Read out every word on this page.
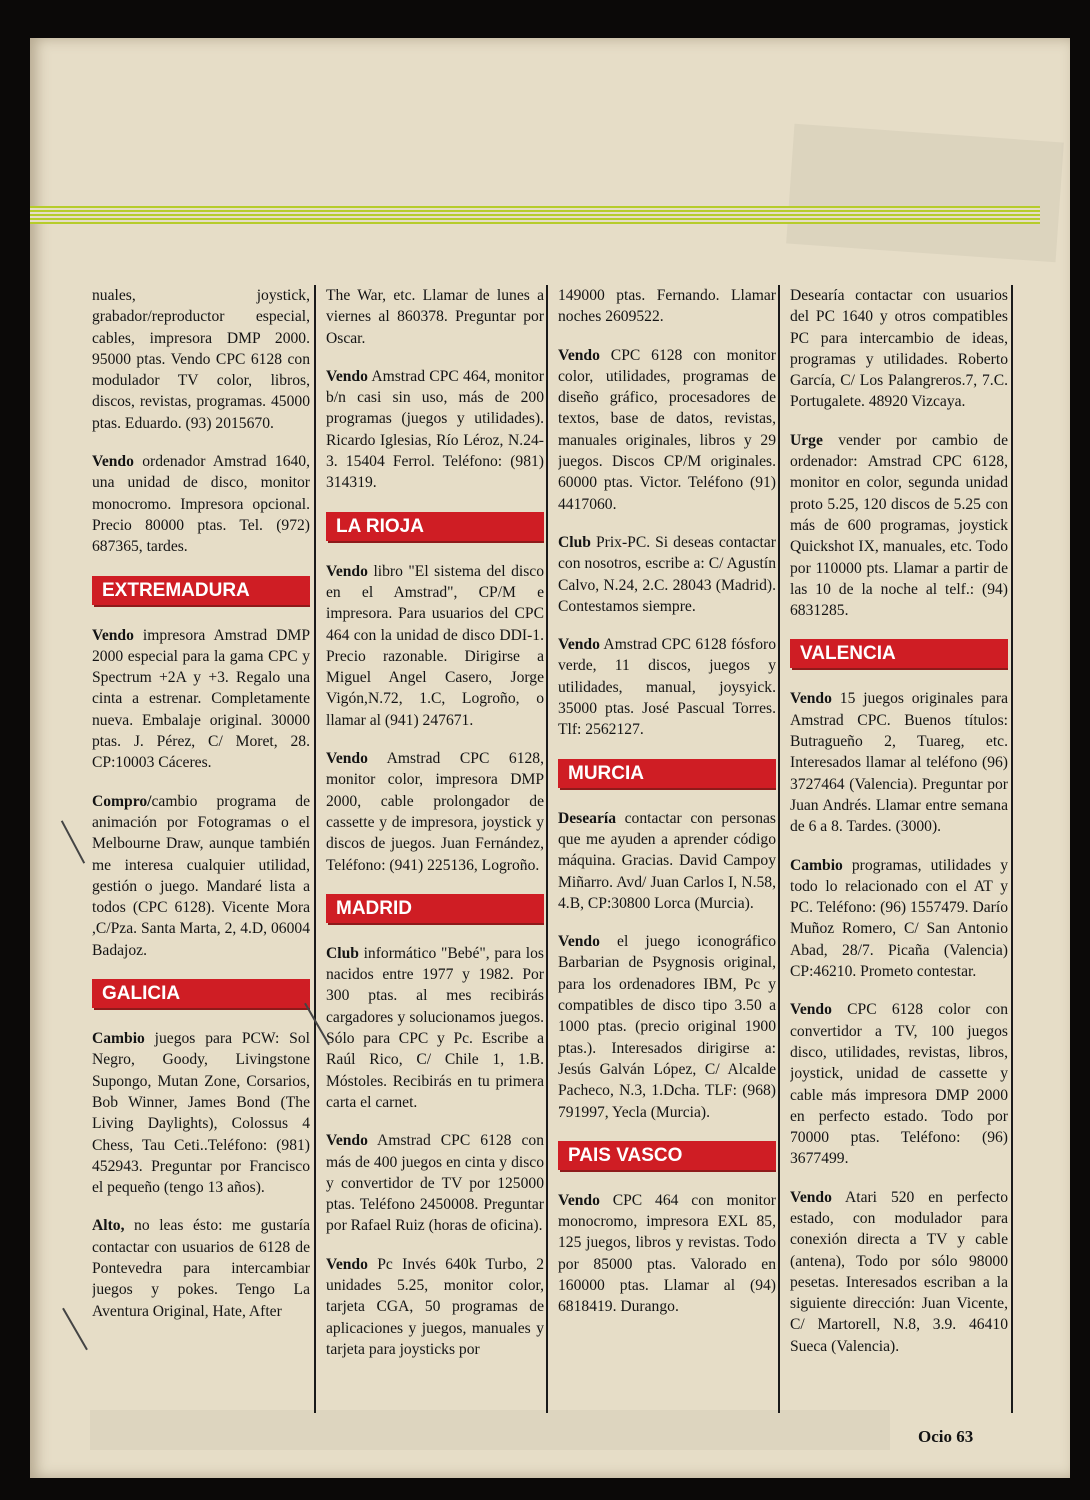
nuales, joystick, grabador/reproductor especial, cables, impresora DMP 2000. 95000 ptas. Vendo CPC 6128 con modulador TV color, libros, discos, revistas, programas. 45000 ptas. Eduardo. (93) 2015670.

Vendo ordenador Amstrad 1640, una unidad de disco, monitor monocromo. Impresora opcional. Precio 80000 ptas. Tel. (972) 687365, tardes.

EXTREMADURA

Vendo impresora Amstrad DMP 2000 especial para la gama CPC y Spectrum +2A y +3. Regalo una cinta a estrenar. Completamente nueva. Embalaje original. 30000 ptas. J. Pérez, C/ Moret, 28. CP:10003 Cáceres.

Compro/cambio programa de animación por Fotogramas o el Melbourne Draw, aunque también me interesa cualquier utilidad, gestión o juego. Mandaré lista a todos (CPC 6128). Vicente Mora ,C/Pza. Santa Marta, 2, 4.D, 06004 Badajoz.

GALICIA

Cambio juegos para PCW: Sol Negro, Goody, Livingstone Supongo, Mutan Zone, Corsarios, Bob Winner, James Bond (The Living Daylights), Colossus 4 Chess, Tau Ceti..Teléfono: (981) 452943. Preguntar por Francisco el pequeño (tengo 13 años).

Alto, no leas ésto: me gustaría contactar con usuarios de 6128 de Pontevedra para intercambiar juegos y pokes. Tengo La Aventura Original, Hate, After

The War, etc. Llamar de lunes a viernes al 860378. Preguntar por Oscar.

Vendo Amstrad CPC 464, monitor b/n casi sin uso, más de 200 programas (juegos y utilidades). Ricardo Iglesias, Río Léroz, N.24-3. 15404 Ferrol. Teléfono: (981) 314319.

LA RIOJA

Vendo libro "El sistema del disco en el Amstrad", CP/M e impresora. Para usuarios del CPC 464 con la unidad de disco DDI-1. Precio razonable. Dirigirse a Miguel Angel Casero, Jorge Vigón,N.72, 1.C, Logroño, o llamar al (941) 247671.

Vendo Amstrad CPC 6128, monitor color, impresora DMP 2000, cable prolongador de cassette y de impresora, joystick y discos de juegos. Juan Fernández, Teléfono: (941) 225136, Logroño.

MADRID

Club informático "Bebé", para los nacidos entre 1977 y 1982. Por 300 ptas. al mes recibirás cargadores y solucionamos juegos. Sólo para CPC y Pc. Escribe a Raúl Rico, C/ Chile 1, 1.B. Móstoles. Recibirás en tu primera carta el carnet.

Vendo Amstrad CPC 6128 con más de 400 juegos en cinta y disco y convertidor de TV por 125000 ptas. Teléfono 2450008. Preguntar por Rafael Ruiz (horas de oficina).

Vendo Pc Invés 640k Turbo, 2 unidades 5.25, monitor color, tarjeta CGA, 50 programas de aplicaciones y juegos, manuales y tarjeta para joysticks por

149000 ptas. Fernando. Llamar noches 2609522.

Vendo CPC 6128 con monitor color, utilidades, programas de diseño gráfico, procesadores de textos, base de datos, revistas, manuales originales, libros y 29 juegos. Discos CP/M originales. 60000 ptas. Victor. Teléfono (91) 4417060.

Club Prix-PC. Si deseas contactar con nosotros, escribe a: C/ Agustín Calvo, N.24, 2.C. 28043 (Madrid). Contestamos siempre.

Vendo Amstrad CPC 6128 fósforo verde, 11 discos, juegos y utilidades, manual, joysyick. 35000 ptas. José Pascual Torres. Tlf: 2562127.

MURCIA

Desearía contactar con personas que me ayuden a aprender código máquina. Gracias. David Campoy Miñarro. Avd/ Juan Carlos I, N.58, 4.B, CP:30800 Lorca (Murcia).

Vendo el juego iconográfico Barbarian de Psygnosis original, para los ordenadores IBM, Pc y compatibles de disco tipo 3.50 a 1000 ptas. (precio original 1900 ptas.). Interesados dirigirse a: Jesús Galván López, C/ Alcalde Pacheco, N.3, 1.Dcha. TLF: (968) 791997, Yecla (Murcia).

PAIS VASCO

Vendo CPC 464 con monitor monocromo, impresora EXL 85, 125 juegos, libros y revistas. Todo por 85000 ptas. Valorado en 160000 ptas. Llamar al (94) 6818419. Durango.

Desearía contactar con usuarios del PC 1640 y otros compatibles PC para intercambio de ideas, programas y utilidades. Roberto García, C/ Los Palangreros.7, 7.C. Portugalete. 48920 Vizcaya.

Urge vender por cambio de ordenador: Amstrad CPC 6128, monitor en color, segunda unidad proto 5.25, 120 discos de 5.25 con más de 600 programas, joystick Quickshot IX, manuales, etc. Todo por 110000 pts. Llamar a partir de las 10 de la noche al telf.: (94) 6831285.

VALENCIA

Vendo 15 juegos originales para Amstrad CPC. Buenos títulos: Butragueño 2, Tuareg, etc. Interesados llamar al teléfono (96) 3727464 (Valencia). Preguntar por Juan Andrés. Llamar entre semana de 6 a 8. Tardes. (3000).

Cambio programas, utilidades y todo lo relacionado con el AT y PC. Teléfono: (96) 1557479. Darío Muñoz Romero, C/ San Antonio Abad, 28/7. Picaña (Valencia) CP:46210. Prometo contestar.

Vendo CPC 6128 color con convertidor a TV, 100 juegos disco, utilidades, revistas, libros, joystick, unidad de cassette y cable más impresora DMP 2000 en perfecto estado. Todo por 70000 ptas. Teléfono: (96) 3677499.

Vendo Atari 520 en perfecto estado, con modulador para conexión directa a TV y cable (antena), Todo por sólo 98000 pesetas. Interesados escriban a la siguiente dirección: Juan Vicente, C/ Martorell, N.8, 3.9. 46410 Sueca (Valencia).

Ocio 63
